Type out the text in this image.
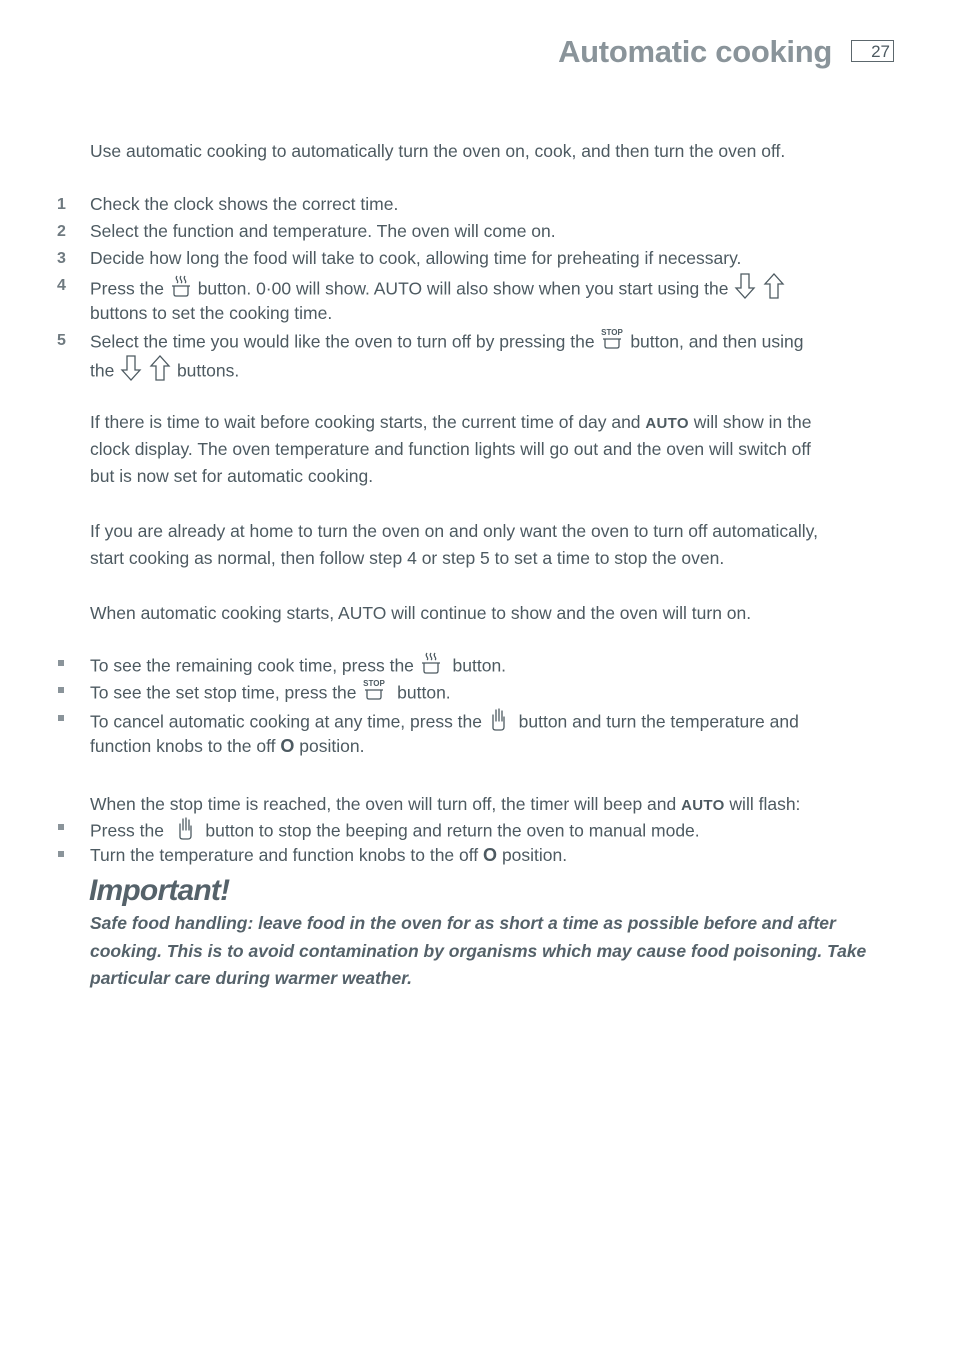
Automatic cooking	27
Use automatic cooking to automatically turn the oven on, cook, and then turn the oven off.
1 Check the clock shows the correct time.
2 Select the function and temperature. The oven will come on.
3 Decide how long the food will take to cook, allowing time for preheating if necessary.
4 Press the button. 0·00 will show. AUTO will also show when you start using the
buttons to set the cooking time.
5 Select the time you would like the oven to turn off by pressing the STOP button, and then using
the	buttons.
If there is time to wait before cooking starts, the current time of day and AUTO will show in the
clock display. The oven temperature and function lights will go out and the oven will switch off
but is now set for automatic cooking.
If you are already at home to turn the oven on and only want the oven to turn off automatically,
start cooking as normal, then follow step 4 or step 5 to set a time to stop the oven.
When automatic cooking starts, AUTO will continue to show and the oven will turn on.
To see the remaining cook time, press the button.
To see the set stop time, press the STOP button.
To cancel automatic cooking at any time, press the button and turn the temperature and
function knobs to the off O position.
When the stop time is reached, the oven will turn off, the timer will beep and AUTO will flash:
Press the button to stop the beeping and return the oven to manual mode.
Turn the temperature and function knobs to the off O position.
Important!
Safe food handling: leave food in the oven for as short a time as possible before and after
cooking. This is to avoid contamination by organisms which may cause food poisoning. Take
particular care during warmer weather.
